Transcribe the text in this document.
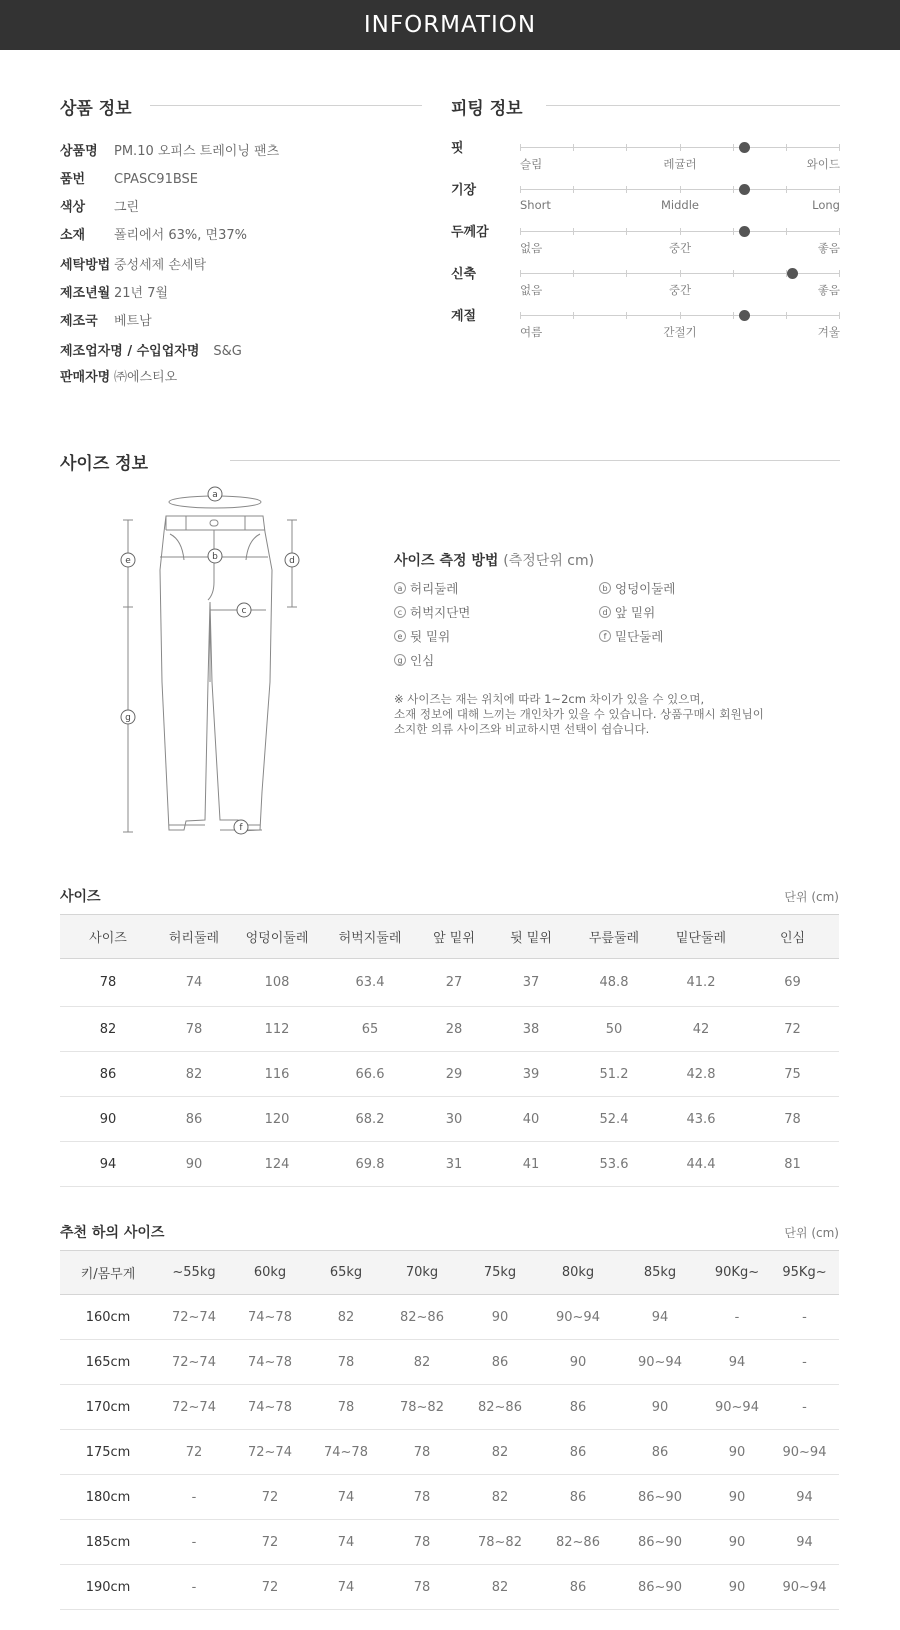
INFORMATION
상품 정보
상품명 PM.10 오피스 트레이닝 팬츠
품번 CPASC91BSE
색상 그린
소재 폴리에서 63%, 면37%
세탁방법 중성세제 손세탁
제조년월 21년 7월
제조국 베트남
제조업자명 / 수입업자명 S&G
판매자명 ㈜에스티오
피팅 정보
핏
슬림	레귤러	와이드
기장
Short	Middle	Long
두께감
없음	중간	좋음
신축
없음	중간	좋음
계절
여름	간절기	겨울
사이즈 정보
a
b
c
d
e
f
g
사이즈 측정 방법 (측정단위 cm)
a 허리둘레	b 엉덩이둘레
c 허벅지단면	d 앞 밑위
e 뒷 밑위	f 밑단둘레
g 인심
※ 사이즈는 재는 위치에 따라 1~2cm 차이가 있을 수 있으며,
소재 정보에 대해 느끼는 개인차가 있을 수 있습니다. 상품구매시 회원님이
소지한 의류 사이즈와 비교하시면 선택이 쉽습니다.
사이즈	단위 (cm)
사이즈	허리둘레	엉덩이둘레	허벅지둘레	앞 밑위	뒷 밑위	무릎둘레	밑단둘레	인심
78	74	108	63.4	27	37	48.8	41.2	69
82	78	112	65	28	38	50	42	72
86	82	116	66.6	29	39	51.2	42.8	75
90	86	120	68.2	30	40	52.4	43.6	78
94	90	124	69.8	31	41	53.6	44.4	81
추천 하의 사이즈	단위 (cm)
키/몸무게	~55kg	60kg	65kg	70kg	75kg	80kg	85kg	90Kg~	95Kg~
160cm	72~74	74~78	82	82~86	90	90~94	94	-	-
165cm	72~74	74~78	78	82	86	90	90~94	94	-
170cm	72~74	74~78	78	78~82	82~86	86	90	90~94	-
175cm	72	72~74	74~78	78	82	86	86	90	90~94
180cm	-	72	74	78	82	86	86~90	90	94
185cm	-	72	74	78	78~82	82~86	86~90	90	94
190cm	-	72	74	78	82	86	86~90	90	90~94
